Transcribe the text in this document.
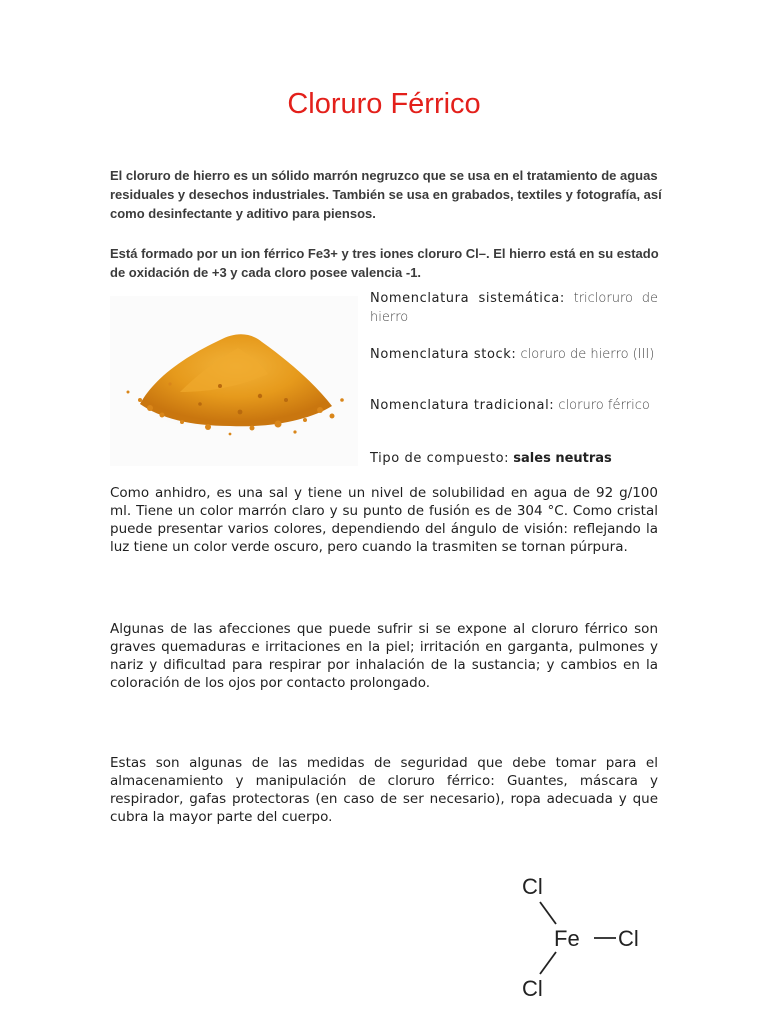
Cloruro Férrico

El cloruro de hierro es un sólido marrón negruzco que se usa en el tratamiento de aguas residuales y desechos industriales. También se usa en grabados, textiles y fotografía, así como desinfectante y aditivo para piensos.

Está formado por un ion férrico Fe3+ y tres iones cloruro Cl–. El hierro está en su estado de oxidación de +3 y cada cloro posee valencia -1.

Nomenclatura sistemática: tricloruro de hierro

Nomenclatura stock: cloruro de hierro (III)

Nomenclatura tradicional: cloruro férrico

Tipo de compuesto: sales neutras

Como anhidro, es una sal y tiene un nivel de solubilidad en agua de 92 g/100 ml. Tiene un color marrón claro y su punto de fusión es de 304 °C. Como cristal puede presentar varios colores, dependiendo del ángulo de visión: reflejando la luz tiene un color verde oscuro, pero cuando la trasmiten se tornan púrpura.

Algunas de las afecciones que puede sufrir si se expone al cloruro férrico son graves quemaduras e irritaciones en la piel; irritación en garganta, pulmones y nariz y dificultad para respirar por inhalación de la sustancia; y cambios en la coloración de los ojos por contacto prolongado.

Estas son algunas de las medidas de seguridad que debe tomar para el almacenamiento y manipulación de cloruro férrico: Guantes, máscara y respirador, gafas protectoras (en caso de ser necesario), ropa adecuada y que cubra la mayor parte del cuerpo.

Cl
Fe Cl
Cl
